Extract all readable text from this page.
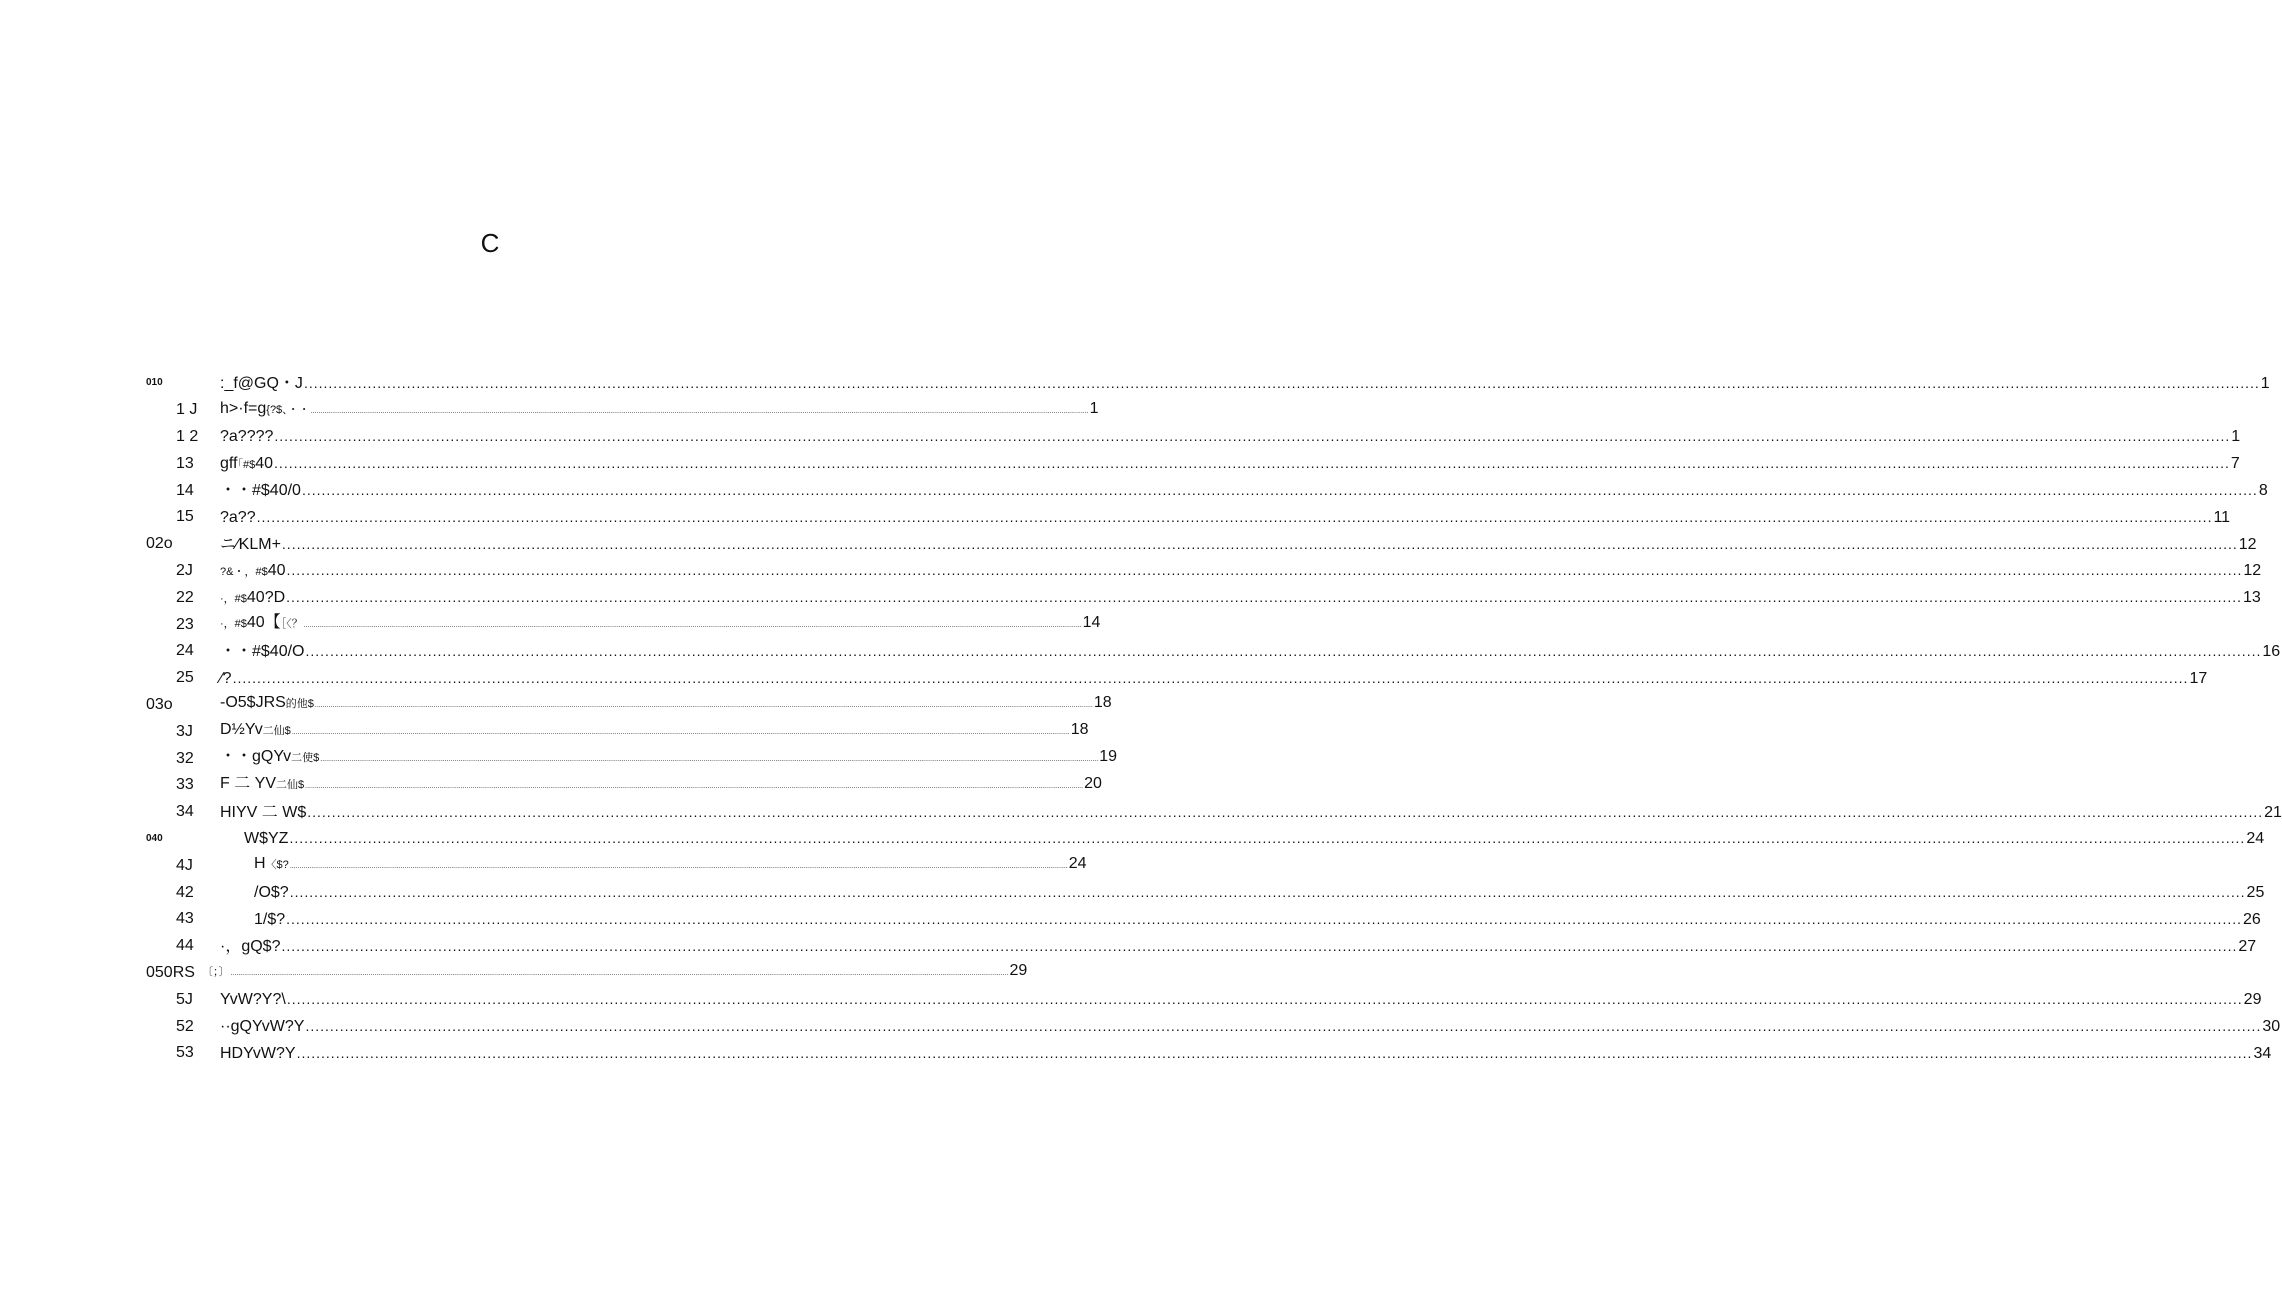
C
010	:_f@GQ・J ................................................................................................................................................................................................................................................................................................................................................................................................................ 1
1 J h>·f=g{?$、・・ ................................................................................................................................................................................................................................................................................................................................................................................................................ 1
1 2 ?a???? ................................................................................................................................................................................................................................................................................................................................................................................................................ 1
13 gff｢#$40 ................................................................................................................................................................................................................................................................................................................................................................................................................ 7
14 ・・#$40/0 ................................................................................................................................................................................................................................................................................................................................................................................................................ 8
15 ?a?? ................................................................................................................................................................................................................................................................................................................................................................................................................ 11
02o	ニ⁄KLM+ ................................................................................................................................................................................................................................................................................................................................................................................................................ 12
2J ?&・，#$40 ................................................................................................................................................................................................................................................................................................................................................................................................................ 12
22 ·，#$40?D ................................................................................................................................................................................................................................................................................................................................................................................................................ 13
23 ·，#$40【［〈？ ................................................................................................................................................................................................................................................................................................................................................................................................................ 14
24 ・・#$40/O ................................................................................................................................................................................................................................................................................................................................................................................................................ 16
25 ⁄? ................................................................................................................................................................................................................................................................................................................................................................................................................ 17
03o	-O5$JRS的他$ ................................................................................................................................................................................................................................................................................................................................................................................................................ 18
3J D½Yv二仙$ ................................................................................................................................................................................................................................................................................................................................................................................................................ 18
32 ・・gQYv二使$ ................................................................................................................................................................................................................................................................................................................................................................................................................ 19
33 F 二 YV二仙$ ................................................................................................................................................................................................................................................................................................................................................................................................................ 20
34 HIYV 二 W$ ................................................................................................................................................................................................................................................................................................................................................................................................................ 21
040	W$YZ ................................................................................................................................................................................................................................................................................................................................................................................................................ 24
4J	H〈$? ................................................................................................................................................................................................................................................................................................................................................................................................................ 24
42	/O$? ................................................................................................................................................................................................................................................................................................................................................................................................................ 25
43	1/$? ................................................................................................................................................................................................................................................................................................................................................................................................................ 26
44 ·，gQ$? ................................................................................................................................................................................................................................................................................................................................................................................................................ 27
050RS 〔；〕 ................................................................................................................................................................................................................................................................................................................................................................................................................ 29
5J YvW?Y?\ ................................................................................................................................................................................................................................................................................................................................................................................................................ 29
52 ··gQYvW?Y ................................................................................................................................................................................................................................................................................................................................................................................................................ 30
53 HDYvW?Y ................................................................................................................................................................................................................................................................................................................................................................................................................ 34
